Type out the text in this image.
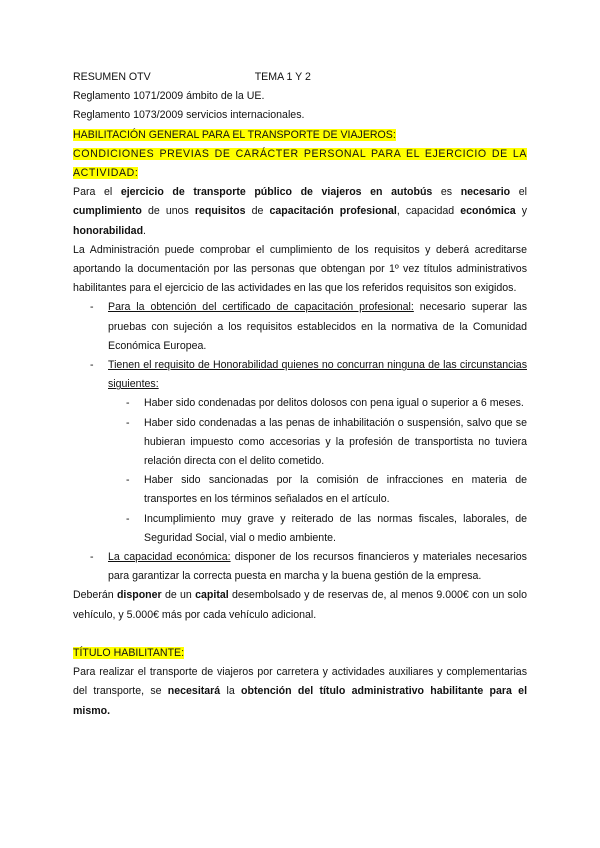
RESUMEN OTV	TEMA 1 Y 2
Reglamento 1071/2009 ámbito de la UE.
Reglamento 1073/2009 servicios internacionales.
HABILITACIÓN GENERAL PARA EL TRANSPORTE DE VIAJEROS:
CONDICIONES PREVIAS DE CARÁCTER PERSONAL PARA EL EJERCICIO DE LA ACTIVIDAD:
Para el ejercicio de transporte público de viajeros en autobús es necesario el cumplimiento de unos requisitos de capacitación profesional, capacidad económica y honorabilidad.
La Administración puede comprobar el cumplimiento de los requisitos y deberá acreditarse aportando la documentación por las personas que obtengan por 1º vez títulos administrativos habilitantes para el ejercicio de las actividades en las que los referidos requisitos son exigidos.
- Para la obtención del certificado de capacitación profesional: necesario superar las pruebas con sujeción a los requisitos establecidos en la normativa de la Comunidad Económica Europea.
- Tienen el requisito de Honorabilidad quienes no concurran ninguna de las circunstancias siguientes:
- Haber sido condenadas por delitos dolosos con pena igual o superior a 6 meses.
- Haber sido condenadas a las penas de inhabilitación o suspensión, salvo que se hubieran impuesto como accesorias y la profesión de transportista no tuviera relación directa con el delito cometido.
- Haber sido sancionadas por la comisión de infracciones en materia de transportes en los términos señalados en el artículo.
- Incumplimiento muy grave y reiterado de las normas fiscales, laborales, de Seguridad Social, vial o medio ambiente.
- La capacidad económica: disponer de los recursos financieros y materiales necesarios para garantizar la correcta puesta en marcha y la buena gestión de la empresa.
Deberán disponer de un capital desembolsado y de reservas de, al menos 9.000€ con un solo vehículo, y 5.000€ más por cada vehículo adicional.
TÍTULO HABILITANTE:
Para realizar el transporte de viajeros por carretera y actividades auxiliares y complementarias del transporte, se necesitará la obtención del título administrativo habilitante para el mismo.
